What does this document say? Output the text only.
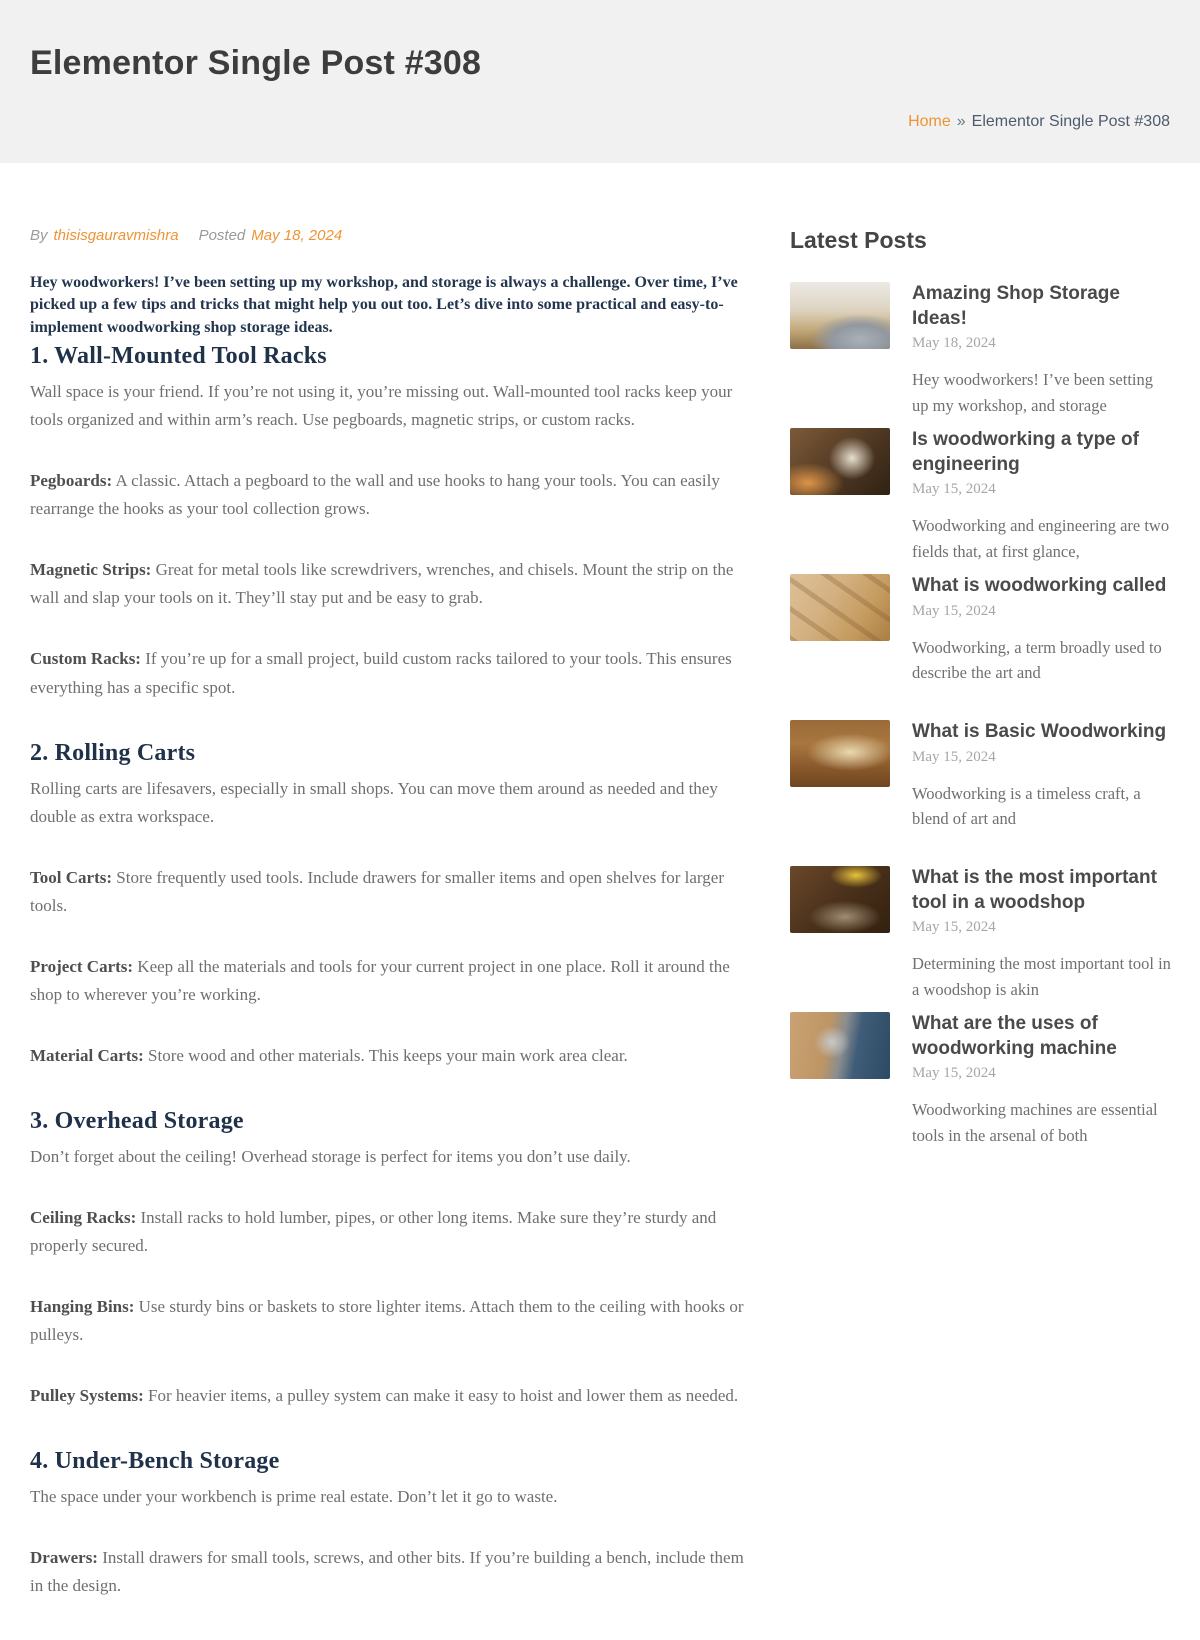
Elementor Single Post #308
Home » Elementor Single Post #308
By thisisgauravmishra Posted May 18, 2024

Hey woodworkers! I’ve been setting up my workshop, and storage is always a challenge. Over time, I’ve picked up a few tips and tricks that might help you out too. Let’s dive into some practical and easy-to-implement woodworking shop storage ideas.

1. Wall-Mounted Tool Racks

Wall space is your friend. If you’re not using it, you’re missing out. Wall-mounted tool racks keep your tools organized and within arm’s reach. Use pegboards, magnetic strips, or custom racks.

Pegboards: A classic. Attach a pegboard to the wall and use hooks to hang your tools. You can easily rearrange the hooks as your tool collection grows.

Magnetic Strips: Great for metal tools like screwdrivers, wrenches, and chisels. Mount the strip on the wall and slap your tools on it. They’ll stay put and be easy to grab.

Custom Racks: If you’re up for a small project, build custom racks tailored to your tools. This ensures everything has a specific spot.

2. Rolling Carts

Rolling carts are lifesavers, especially in small shops. You can move them around as needed and they double as extra workspace.

Tool Carts: Store frequently used tools. Include drawers for smaller items and open shelves for larger tools.

Project Carts: Keep all the materials and tools for your current project in one place. Roll it around the shop to wherever you’re working.

Material Carts: Store wood and other materials. This keeps your main work area clear.

3. Overhead Storage

Don’t forget about the ceiling! Overhead storage is perfect for items you don’t use daily.

Ceiling Racks: Install racks to hold lumber, pipes, or other long items. Make sure they’re sturdy and properly secured.

Hanging Bins: Use sturdy bins or baskets to store lighter items. Attach them to the ceiling with hooks or pulleys.

Pulley Systems: For heavier items, a pulley system can make it easy to hoist and lower them as needed.

4. Under-Bench Storage

The space under your workbench is prime real estate. Don’t let it go to waste.

Drawers: Install drawers for small tools, screws, and other bits. If you’re building a bench, include them in the design.

Latest Posts
Amazing Shop Storage Ideas!
May 18, 2024
Hey woodworkers! I’ve been setting up my workshop, and storage
Is woodworking a type of engineering
May 15, 2024
Woodworking and engineering are two fields that, at first glance,
What is woodworking called
May 15, 2024
Woodworking, a term broadly used to describe the art and
What is Basic Woodworking
May 15, 2024
Woodworking is a timeless craft, a blend of art and
What is the most important tool in a woodshop
May 15, 2024
Determining the most important tool in a woodshop is akin
What are the uses of woodworking machine
May 15, 2024
Woodworking machines are essential tools in the arsenal of both
